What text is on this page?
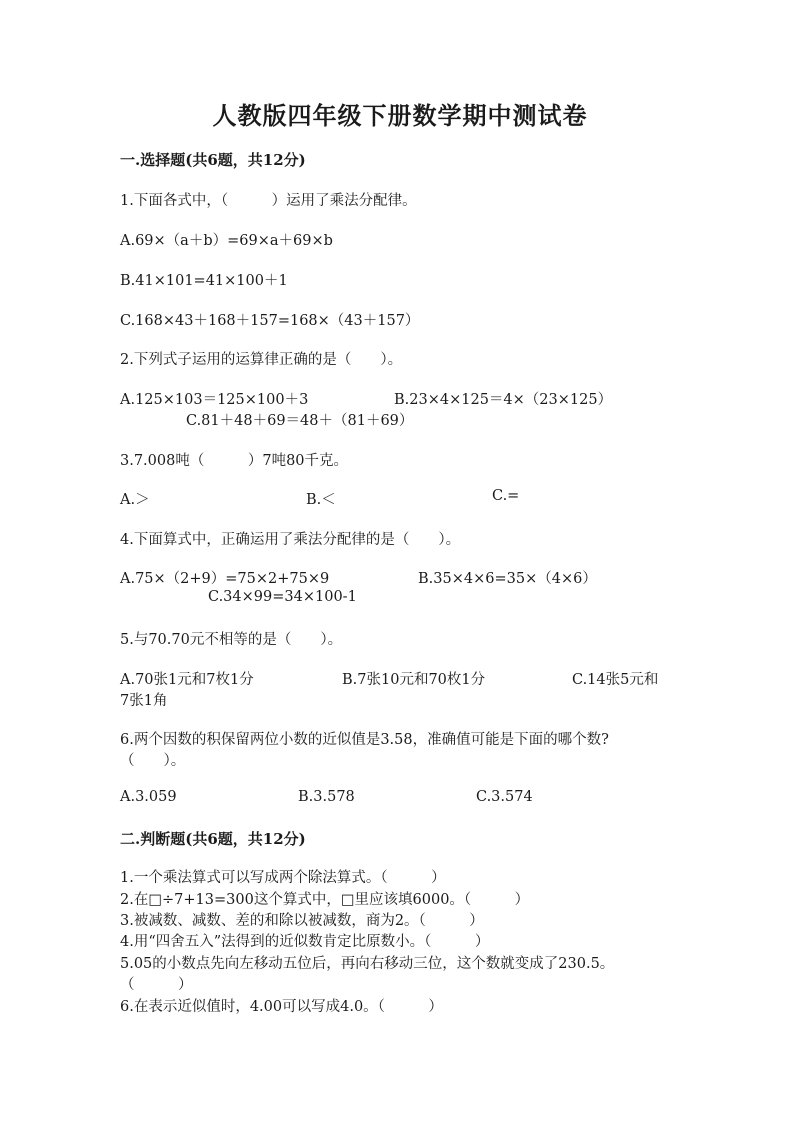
人教版四年级下册数学期中测试卷
一.选择题(共6题，共12分)
1.下面各式中，（　　　）运用了乘法分配律。
A.69×（a＋b）=69×a＋69×b
B.41×101=41×100＋1
C.168×43＋168＋157=168×（43＋157）
2.下列式子运用的运算律正确的是（　　）。
A.125×103＝125×100＋3	B.23×4×125＝4×（23×125）
C.81＋48＋69＝48＋（81＋69）
3.7.008吨（　　　）7吨80千克。
A.＞	B.＜	C.=
4.下面算式中，正确运用了乘法分配律的是（　　）。
A.75×（2+9）=75×2+75×9	B.35×4×6=35×（4×6）
C.34×99=34×100-1
5.与70.70元不相等的是（　　）。
A.70张1元和7枚1分	B.7张10元和70枚1分	C.14张5元和
7张1角
6.两个因数的积保留两位小数的近似值是3.58，准确值可能是下面的哪个数?
（　　）。
A.3.059	B.3.578	C.3.574
二.判断题(共6题，共12分)
1.一个乘法算式可以写成两个除法算式。（　　　）
2.在□÷7+13=300这个算式中，□里应该填6000。（　　　）
3.被减数、减数、差的和除以被减数，商为2。（　　　）
4.用“四舍五入”法得到的近似数肯定比原数小。（　　　）
5.05的小数点先向左移动五位后，再向右移动三位，这个数就变成了230.5。
（　　　）
6.在表示近似值时，4.00可以写成4.0。（　　　）
